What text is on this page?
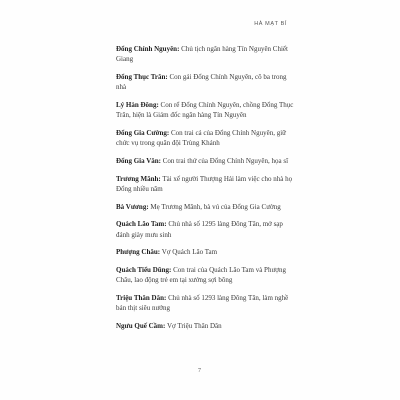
HÀ MẠT BỈ
Đổng Chính Nguyên: Chủ tịch ngân hàng Tín Nguyên Chiết Giang
Đổng Thục Trân: Con gái Đổng Chính Nguyên, cô ba trong nhà
Lý Hàn Đông: Con rể Đổng Chính Nguyên, chồng Đổng Thục Trân, hiện là Giám đốc ngân hàng Tín Nguyên
Đổng Gia Cường: Con trai cả của Đổng Chính Nguyên, giữ chức vụ trong quân đội Trùng Khánh
Đổng Gia Văn: Con trai thứ của Đổng Chính Nguyên, họa sĩ
Trương Mãnh: Tài xế người Thượng Hải làm việc cho nhà họ Đổng nhiều năm
Bà Vương: Mẹ Trương Mãnh, bà vú của Đổng Gia Cường
Quách Lão Tam: Chủ nhà số 1295 làng Đông Tân, mở sạp đánh giày mưu sinh
Phượng Châu: Vợ Quách Lão Tam
Quách Tiểu Dũng: Con trai của Quách Lão Tam và Phượng Châu, lao động trẻ em tại xưởng sợi bông
Triệu Thân Dân: Chủ nhà số 1293 làng Đông Tân, làm nghề bán thịt siêu nướng
Ngưu Quế Cầm: Vợ Triệu Thân Dân
7
